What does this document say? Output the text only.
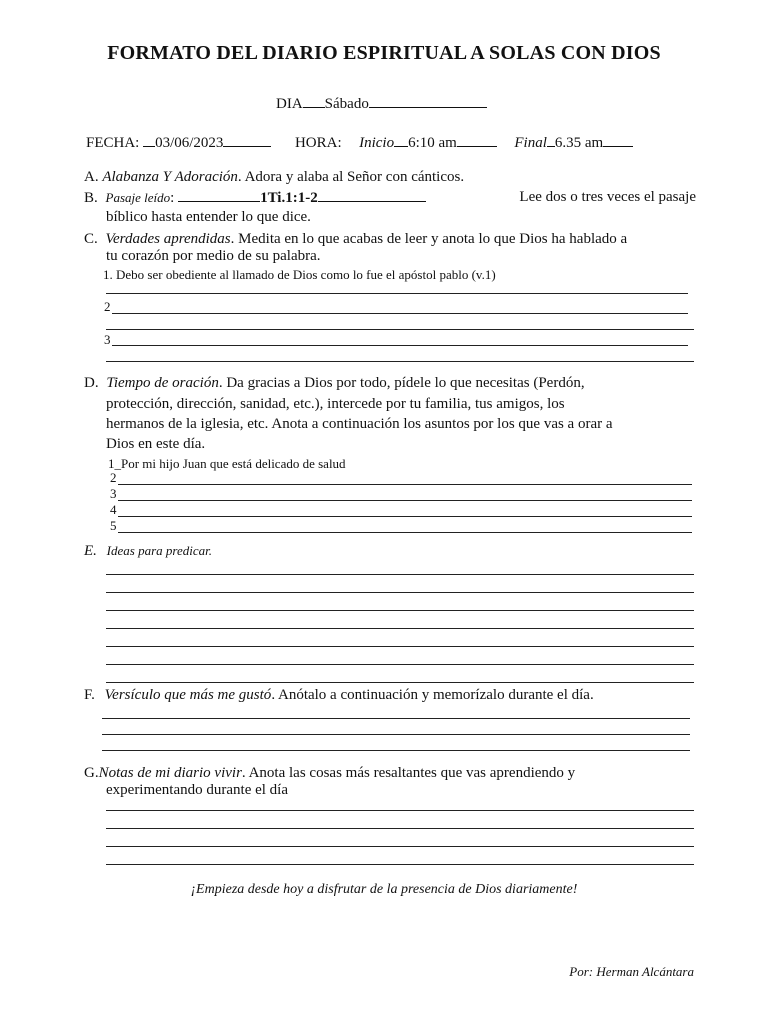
FORMATO DEL DIARIO ESPIRITUAL A SOLAS CON DIOS
DIA Sábado
FECHA: 03/06/2023	HORA: Inicio 6:10 am	Final 6.35 am
A. Alabanza Y Adoración. Adora y alaba al Señor con cánticos.
B. Pasaje leído:	1Ti.1:1-2	Lee dos o tres veces el pasaje
bíblico hasta entender lo que dice.
C. Verdades aprendidas. Medita en lo que acabas de leer y anota lo que Dios ha hablado a
tu corazón por medio de su palabra.
1. Debo ser obediente al llamado de Dios como lo fue el apóstol pablo (v.1)
2
3
D. Tiempo de oración. Da gracias a Dios por todo, pídele lo que necesitas (Perdón,
protección, dirección, sanidad, etc.), intercede por tu familia, tus amigos, los
hermanos de la iglesia, etc. Anota a continuación los asuntos por los que vas a orar a
Dios en este día.
1_Por mi hijo Juan que está delicado de salud
2
3
4
5
E. Ideas para predicar.
F. Versículo que más me gustó. Anótalo a continuación y memorízalo durante el día.
G.Notas de mi diario vivir. Anota las cosas más resaltantes que vas aprendiendo y
experimentando durante el día
¡Empieza desde hoy a disfrutar de la presencia de Dios diariamente!
Por: Herman Alcántara
